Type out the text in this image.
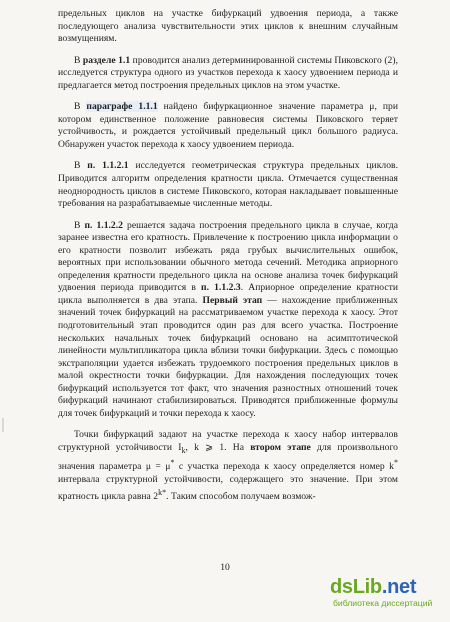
предельных циклов на участке бифуркаций удвоения периода, а также последующего анализа чувствительности этих циклов к внешним случайным возмущениям.

В разделе 1.1 проводится анализ детерминированной системы Пиковского (2), исследуется структура одного из участков перехода к хаосу удвоением периода и предлагается метод построения предельных циклов на этом участке.

В параграфе 1.1.1 найдено бифуркационное значение параметра μ, при котором единственное положение равновесия системы Пиковского теряет устойчивость, и рождается устойчивый предельный цикл большого радиуса. Обнаружен участок перехода к хаосу удвоением периода.

В п. 1.1.2.1 исследуется геометрическая структура предельных циклов. Приводится алгоритм определения кратности цикла. Отмечается существенная неоднородность циклов в системе Пиковского, которая накладывает повышенные требования на разрабатываемые численные методы.

В п. 1.1.2.2 решается задача построения предельного цикла в случае, когда заранее известна его кратность. Привлечение к построению цикла информации о его кратности позволит избежать ряда грубых вычислительных ошибок, вероятных при использовании обычного метода сечений. Методика априорного определения кратности предельного цикла на основе анализа точек бифуркаций удвоения периода приводится в п. 1.1.2.3. Априорное определение кратности цикла выполняется в два этапа. Первый этап — нахождение приближенных значений точек бифуркаций на рассматриваемом участке перехода к хаосу. Этот подготовительный этап проводится один раз для всего участка. Построение нескольких начальных точек бифуркаций основано на асимптотической линейности мультипликатора цикла вблизи точки бифуркации. Здесь с помощью экстраполяции удается избежать трудоемкого построения предельных циклов в малой окрестности точки бифуркации. Для нахождения последующих точек бифуркаций используется тот факт, что значения разностных отношений точек бифуркаций начинают стабилизироваться. Приводятся приближенные формулы для точек бифуркаций и точки перехода к хаосу.

Точки бифуркаций задают на участке перехода к хаосу набор интервалов структурной устойчивости $I_k$, k ⩾ 1. На втором этапе для произвольного значения параметра μ = μ* с участка перехода к хаосу определяется номер k* интервала структурной устойчивости, содержащего это значение. При этом кратность цикла равна $2^{k*}$. Таким способом получаем возмож-

10
dsLib.net
библиотека диссертаций
